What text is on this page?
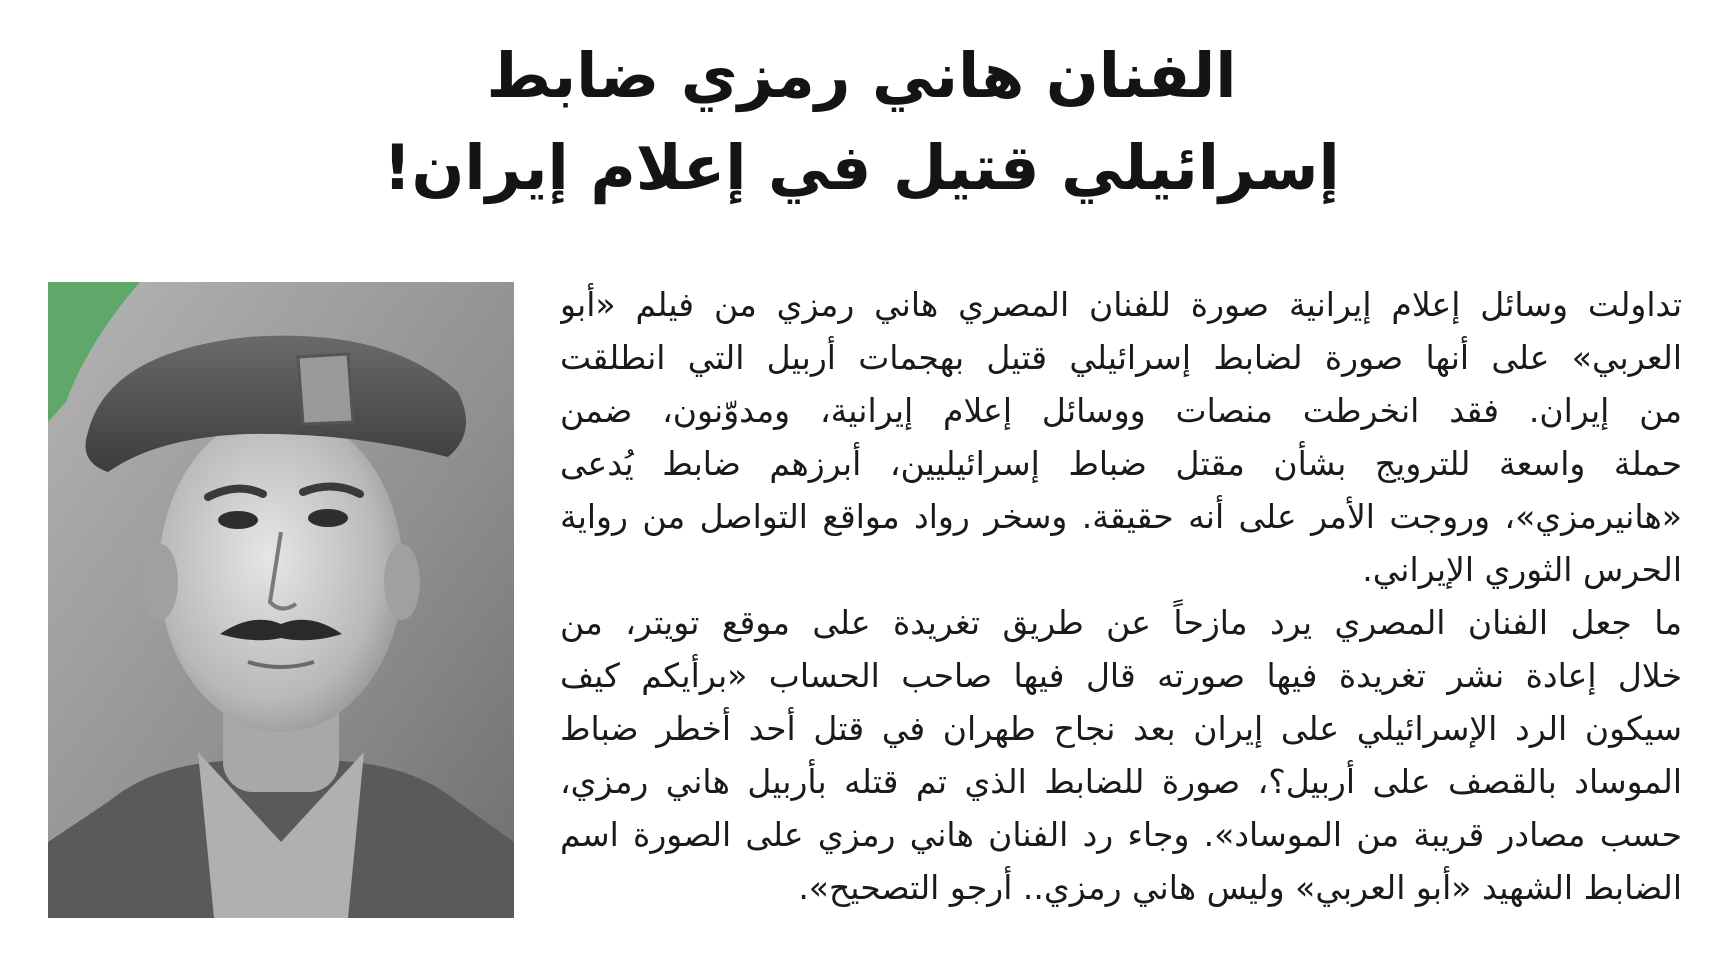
الفنان هاني رمزي ضابط
إسرائيلي قتيل في إعلام إيران!
تداولت وسائل إعلام إيرانية صورة للفنان المصري هاني رمزي من فيلم «أبو
العربي» على أنها صورة لضابط إسرائيلي قتيل بهجمات أربيل التي انطلقت
من إيران. فقد انخرطت منصات ووسائل إعلام إيرانية، ومدوّنون، ضمن
حملة واسعة للترويج بشأن مقتل ضباط إسرائيليين، أبرزهم ضابط يُدعى
«هانيرمزي»، وروجت الأمر على أنه حقيقة. وسخر رواد مواقع التواصل من رواية
الحرس الثوري الإيراني.
ما جعل الفنان المصري يرد مازحاً عن طريق تغريدة على موقع تويتر، من
خلال إعادة نشر تغريدة فيها صورته قال فيها صاحب الحساب «برأيكم كيف
سيكون الرد الإسرائيلي على إيران بعد نجاح طهران في قتل أحد أخطر ضباط
الموساد بالقصف على أربيل؟، صورة للضابط الذي تم قتله بأربيل هاني رمزي،
حسب مصادر قريبة من الموساد». وجاء رد الفنان هاني رمزي على الصورة اسم
الضابط الشهيد «أبو العربي» وليس هاني رمزي.. أرجو التصحيح».
